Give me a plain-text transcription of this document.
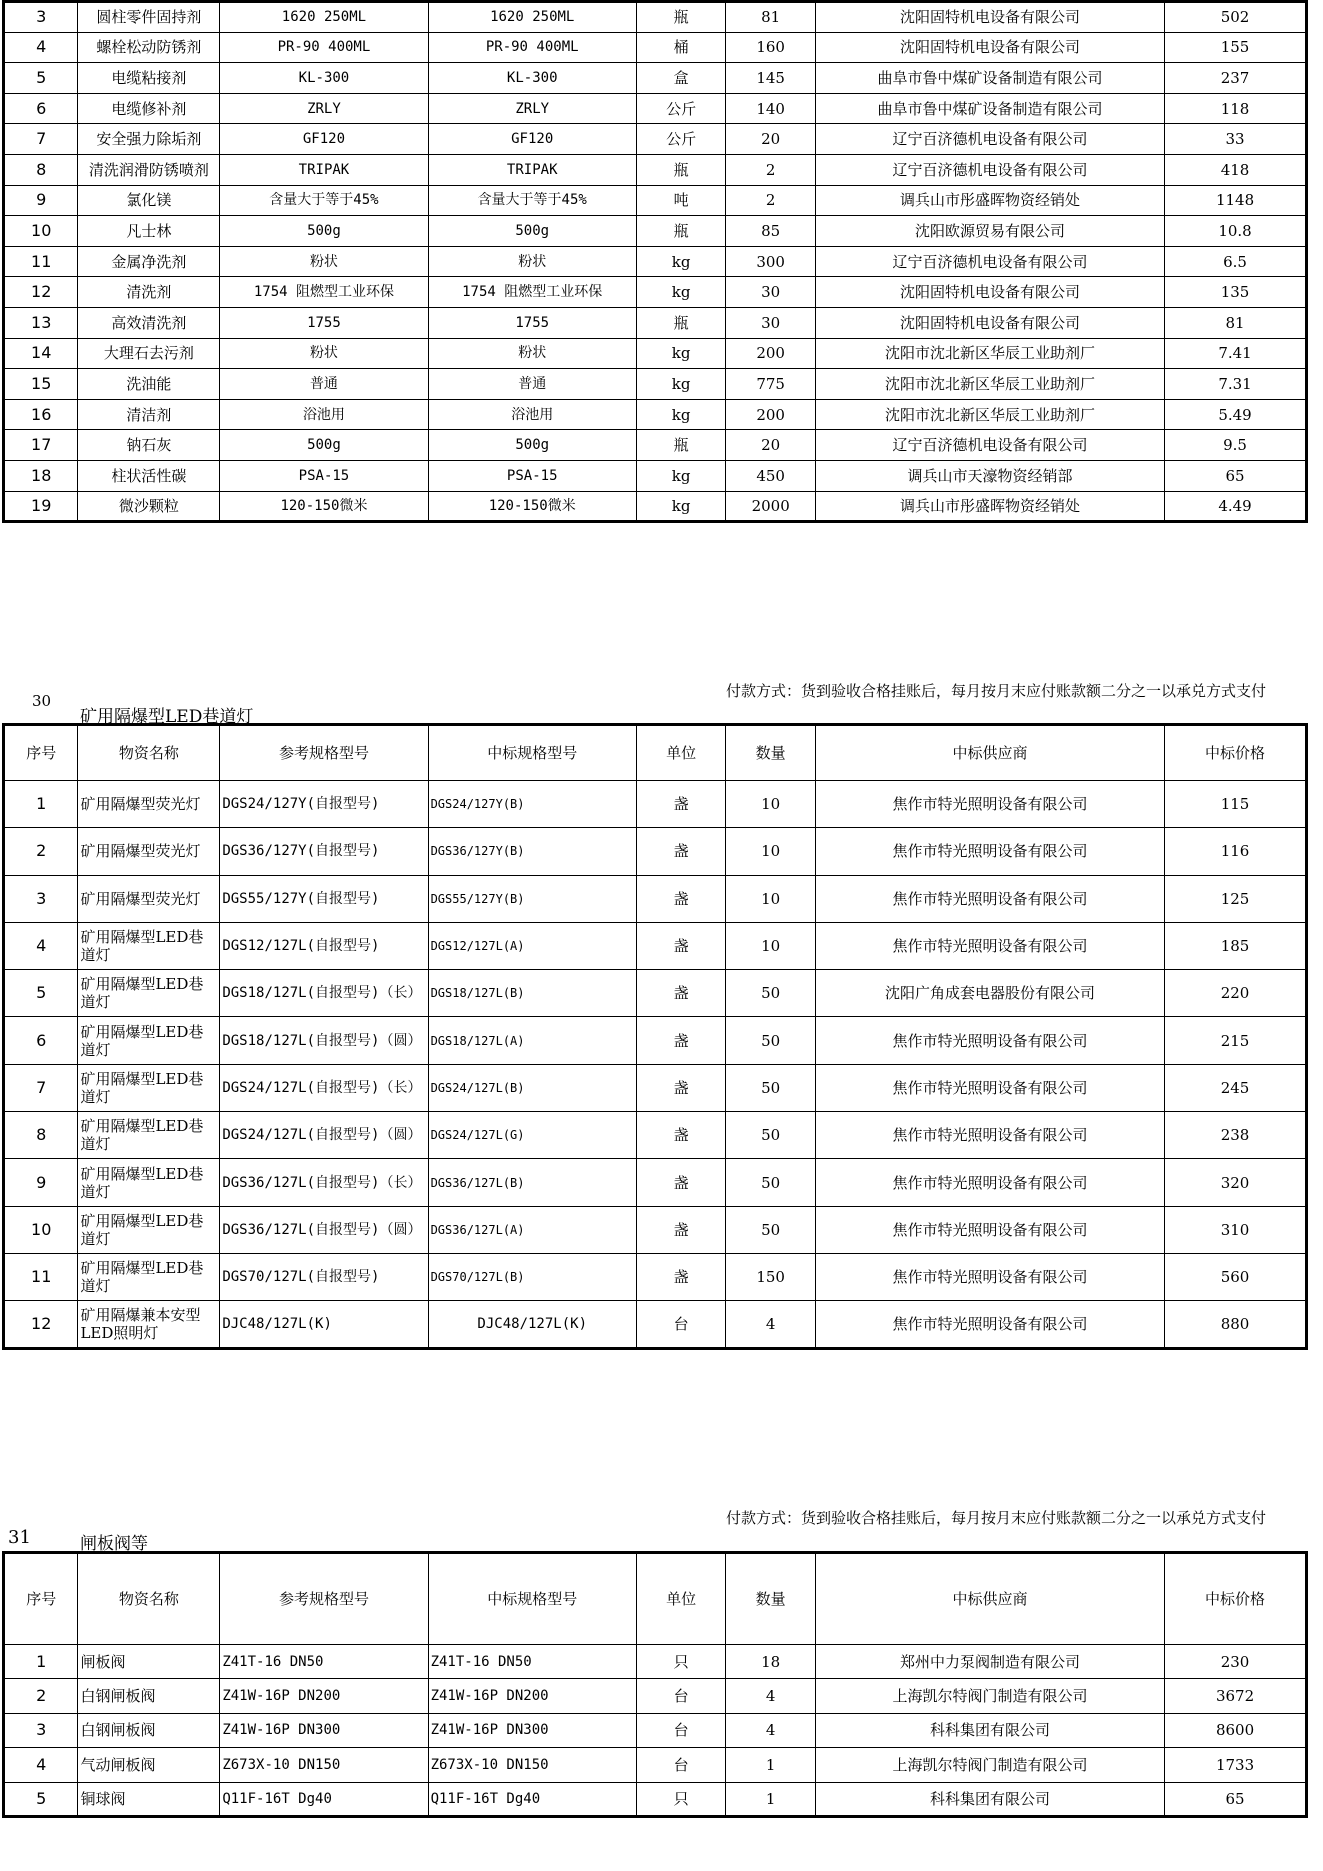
3	圆柱零件固持剂	1620 250ML	1620 250ML	瓶	81	沈阳固特机电设备有限公司	502
4	螺栓松动防锈剂	PR-90 400ML	PR-90 400ML	桶	160	沈阳固特机电设备有限公司	155
5	电缆粘接剂	KL-300	KL-300	盒	145	曲阜市鲁中煤矿设备制造有限公司	237
6	电缆修补剂	ZRLY	ZRLY	公斤	140	曲阜市鲁中煤矿设备制造有限公司	118
7	安全强力除垢剂	GF120	GF120	公斤	20	辽宁百济德机电设备有限公司	33
8	清洗润滑防锈喷剂	TRIPAK	TRIPAK	瓶	2	辽宁百济德机电设备有限公司	418
9	氯化镁	含量大于等于45%	含量大于等于45%	吨	2	调兵山市彤盛晖物资经销处	1148
10	凡士林	500g	500g	瓶	85	沈阳欧源贸易有限公司	10.8
11	金属净洗剂	粉状	粉状	kg	300	辽宁百济德机电设备有限公司	6.5
12	清洗剂	1754 阻燃型工业环保	1754 阻燃型工业环保	kg	30	沈阳固特机电设备有限公司	135
13	高效清洗剂	1755	1755	瓶	30	沈阳固特机电设备有限公司	81
14	大理石去污剂	粉状	粉状	kg	200	沈阳市沈北新区华辰工业助剂厂	7.41
15	洗油能	普通	普通	kg	775	沈阳市沈北新区华辰工业助剂厂	7.31
16	清洁剂	浴池用	浴池用	kg	200	沈阳市沈北新区华辰工业助剂厂	5.49
17	钠石灰	500g	500g	瓶	20	辽宁百济德机电设备有限公司	9.5
18	柱状活性碳	PSA-15	PSA-15	kg	450	调兵山市天濠物资经销部	65
19	微沙颗粒	120-150微米	120-150微米	kg	2000	调兵山市彤盛晖物资经销处	4.49
30
矿用隔爆型LED巷道灯
付款方式：货到验收合格挂账后，每月按月末应付账款额二分之一以承兑方式支付
序号	物资名称	参考规格型号	中标规格型号	单位	数量	中标供应商	中标价格
1	矿用隔爆型荧光灯	DGS24/127Y(自报型号)	DGS24/127Y(B)	盏	10	焦作市特光照明设备有限公司	115
2	矿用隔爆型荧光灯	DGS36/127Y(自报型号)	DGS36/127Y(B)	盏	10	焦作市特光照明设备有限公司	116
3	矿用隔爆型荧光灯	DGS55/127Y(自报型号)	DGS55/127Y(B)	盏	10	焦作市特光照明设备有限公司	125
4	矿用隔爆型LED巷道灯	DGS12/127L(自报型号)	DGS12/127L(A)	盏	10	焦作市特光照明设备有限公司	185
5	矿用隔爆型LED巷道灯	DGS18/127L(自报型号)（长）	DGS18/127L(B)	盏	50	沈阳广角成套电器股份有限公司	220
6	矿用隔爆型LED巷道灯	DGS18/127L(自报型号)（圆）	DGS18/127L(A)	盏	50	焦作市特光照明设备有限公司	215
7	矿用隔爆型LED巷道灯	DGS24/127L(自报型号)（长）	DGS24/127L(B)	盏	50	焦作市特光照明设备有限公司	245
8	矿用隔爆型LED巷道灯	DGS24/127L(自报型号)（圆）	DGS24/127L(G)	盏	50	焦作市特光照明设备有限公司	238
9	矿用隔爆型LED巷道灯	DGS36/127L(自报型号)（长）	DGS36/127L(B)	盏	50	焦作市特光照明设备有限公司	320
10	矿用隔爆型LED巷道灯	DGS36/127L(自报型号)（圆）	DGS36/127L(A)	盏	50	焦作市特光照明设备有限公司	310
11	矿用隔爆型LED巷道灯	DGS70/127L(自报型号)	DGS70/127L(B)	盏	150	焦作市特光照明设备有限公司	560
12	矿用隔爆兼本安型LED照明灯	DJC48/127L(K)	DJC48/127L(K)	台	4	焦作市特光照明设备有限公司	880
31	闸板阀等
付款方式：货到验收合格挂账后，每月按月末应付账款额二分之一以承兑方式支付
序号	物资名称	参考规格型号	中标规格型号	单位	数量	中标供应商	中标价格
1	闸板阀	Z41T-16 DN50	Z41T-16 DN50	只	18	郑州中力泵阀制造有限公司	230
2	白钢闸板阀	Z41W-16P DN200	Z41W-16P DN200	台	4	上海凯尔特阀门制造有限公司	3672
3	白钢闸板阀	Z41W-16P DN300	Z41W-16P DN300	台	4	科科集团有限公司	8600
4	气动闸板阀	Z673X-10 DN150	Z673X-10 DN150	台	1	上海凯尔特阀门制造有限公司	1733
5	铜球阀	Q11F-16T Dg40	Q11F-16T Dg40	只	1	科科集团有限公司	65
